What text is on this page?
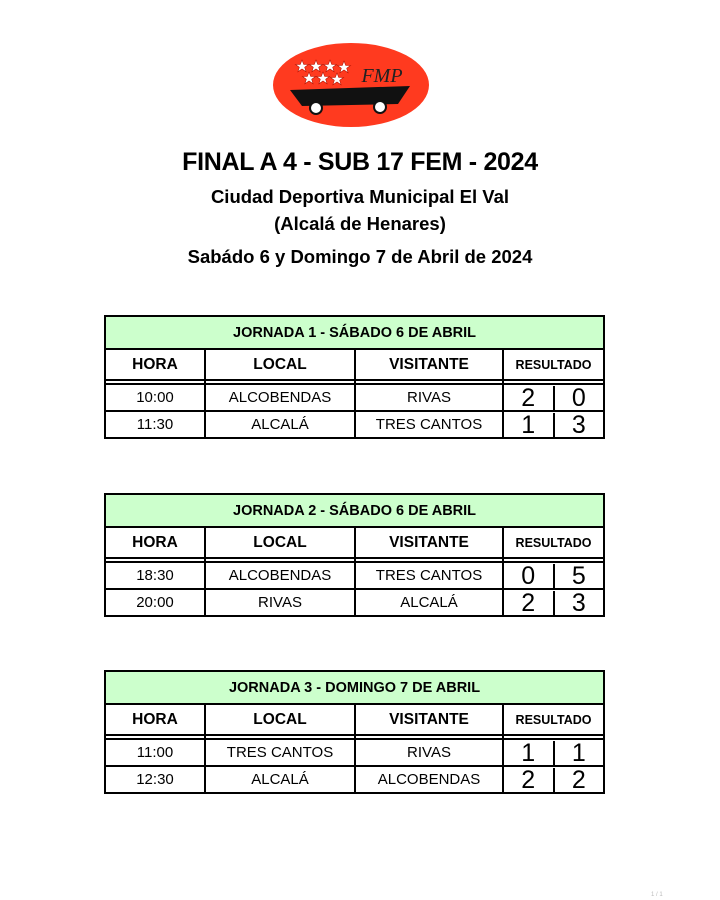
FMP
FINAL A 4 - SUB 17 FEM - 2024
Ciudad Deportiva Municipal El Val
(Alcalá de Henares)
Sabádo 6 y Domingo 7 de Abril de 2024
JORNADA 1 - SÁBADO 6 DE ABRIL			
HORA	LOCAL	VISITANTE	RESULTADO

10:00	ALCOBENDAS	RIVAS	2 0

11:30	ALCALÁ	TRES CANTOS	1 3
JORNADA 2 - SÁBADO 6 DE ABRIL			
HORA	LOCAL	VISITANTE	RESULTADO

18:30	ALCOBENDAS	TRES CANTOS	0 5

20:00	RIVAS	ALCALÁ	2 3
JORNADA 3 - DOMINGO 7 DE ABRIL			
HORA	LOCAL	VISITANTE	RESULTADO

11:00	TRES CANTOS	RIVAS	1 1

12:30	ALCALÁ	ALCOBENDAS	2 2
1 / 1
